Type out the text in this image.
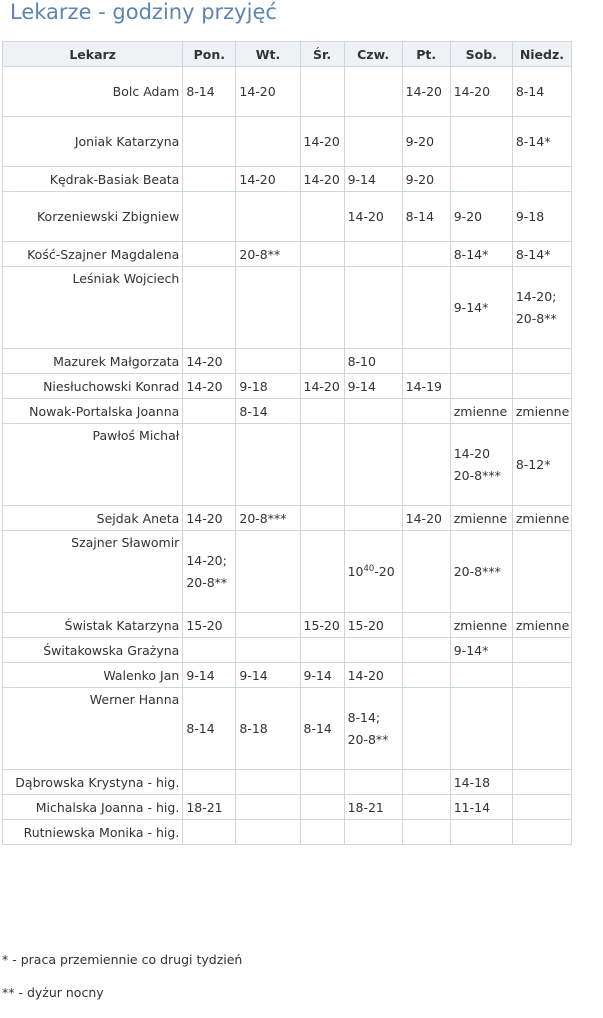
Lekarze - godziny przyjęć
Lekarz	Pon.	Wt.	Śr.	Czw.	Pt.	Sob.	Niedz.
Bolc Adam	8-14	14-20			14-20	14-20	8-14
Joniak Katarzyna			14-20		9-20		8-14*
Kędrak-Basiak Beata		14-20	14-20	9-14	9-20		
Korzeniewski Zbigniew				14-20	8-14	9-20	9-18
Kość-Szajner Magdalena		20-8**				8-14*	8-14*
Leśniak Wojciech						9-14*	14-20;
20-8**

Mazurek Małgorzata	14-20			8-10			
Niesłuchowski Konrad	14-20	9-18	14-20	9-14	14-19		
Nowak-Portalska Joanna		8-14				zmienne	zmienne
Pawłoś Michał						14-20
20-8***	8-12*
Sejdak Aneta	14-20	20-8***			14-20	zmienne	zmienne
Szajner Sławomir	14-20;
20-8**			$10^{40}-20$		20-8***	
Świstak Katarzyna	15-20		15-20	15-20		zmienne	zmienne
Świtakowska Grażyna						9-14*	
Walenko Jan	9-14	9-14	9-14	14-20			
Werner Hanna	8-14	8-18	8-14	8-14;
20-8**			

Dąbrowska Krystyna - hig.						14-18	
Michalska Joanna - hig.	18-21			18-21		11-14	
Rutniewska Monika - hig.							

* - praca przemiennie co drugi tydzień

** - dyżur nocny
